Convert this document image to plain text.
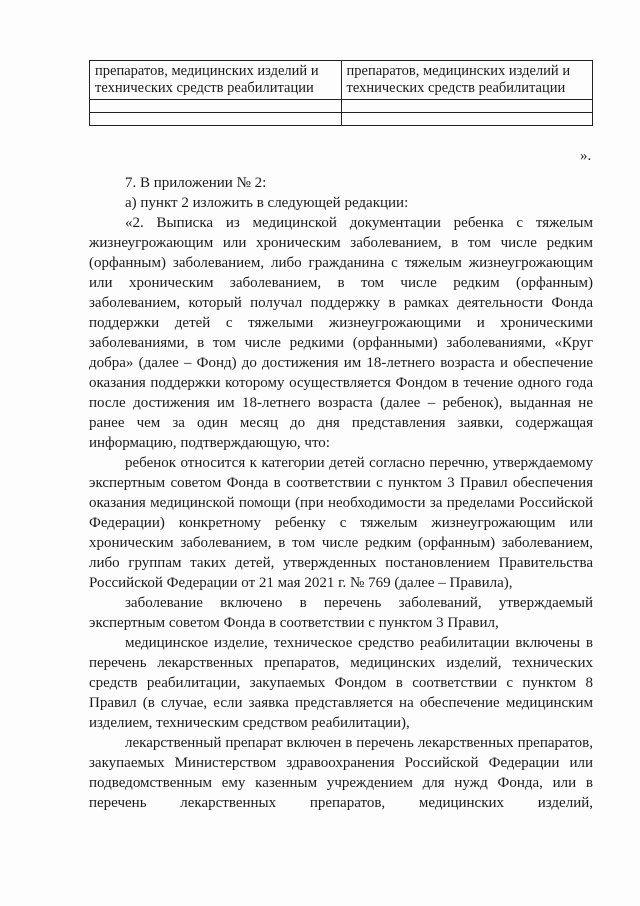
препаратов, медицинских изделий и технических средств реабилитации	препаратов, медицинских изделий и технических средств реабилитации

».

7. В приложении № 2:

а) пункт 2 изложить в следующей редакции:

«2. Выписка из медицинской документации ребенка с тяжелым жизнеугрожающим или хроническим заболеванием, в том числе редким (орфанным) заболеванием, либо гражданина с тяжелым жизнеугрожающим или хроническим заболеванием, в том числе редким (орфанным) заболеванием, который получал поддержку в рамках деятельности Фонда поддержки детей с тяжелыми жизнеугрожающими и хроническими заболеваниями, в том числе редкими (орфанными) заболеваниями, «Круг добра» (далее – Фонд) до достижения им 18-летнего возраста и обеспечение оказания поддержки которому осуществляется Фондом в течение одного года после достижения им 18-летнего возраста (далее – ребенок), выданная не ранее чем за один месяц до дня представления заявки, содержащая информацию, подтверждающую, что:

ребенок относится к категории детей согласно перечню, утверждаемому экспертным советом Фонда в соответствии с пунктом 3 Правил обеспечения оказания медицинской помощи (при необходимости за пределами Российской Федерации) конкретному ребенку с тяжелым жизнеугрожающим или хроническим заболеванием, в том числе редким (орфанным) заболеванием, либо группам таких детей, утвержденных постановлением Правительства Российской Федерации от 21 мая 2021 г. № 769 (далее – Правила),

заболевание включено в перечень заболеваний, утверждаемый экспертным советом Фонда в соответствии с пунктом 3 Правил,

медицинское изделие, техническое средство реабилитации включены в перечень лекарственных препаратов, медицинских изделий, технических средств реабилитации, закупаемых Фондом в соответствии с пунктом 8 Правил (в случае, если заявка представляется на обеспечение медицинским изделием, техническим средством реабилитации),

лекарственный препарат включен в перечень лекарственных препаратов, закупаемых Министерством здравоохранения Российской Федерации или подведомственным ему казенным учреждением для нужд Фонда, или в перечень лекарственных препаратов, медицинских изделий,
